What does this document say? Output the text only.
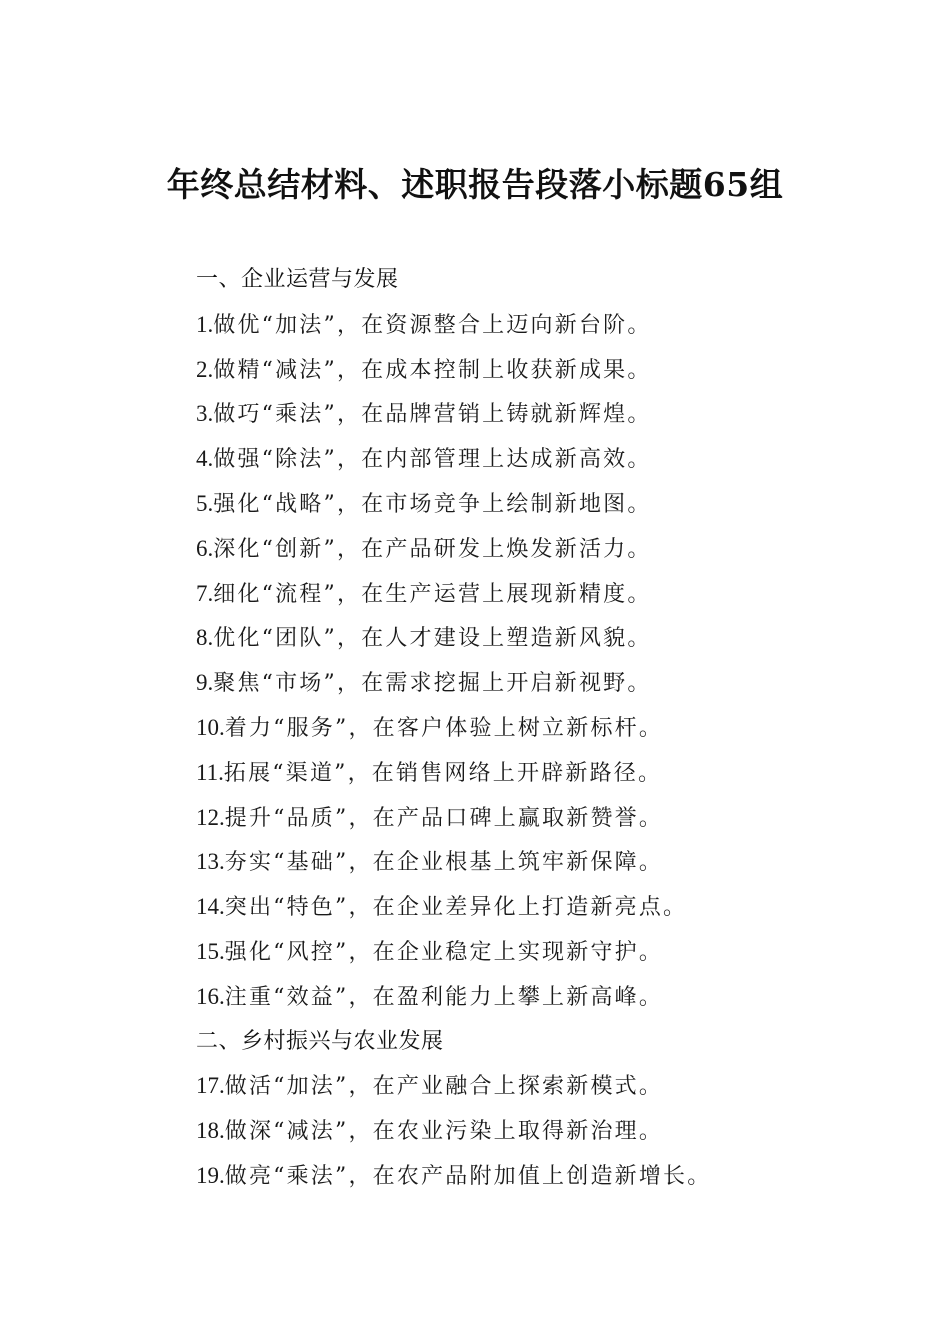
年终总结材料、述职报告段落小标题65组

一、企业运营与发展

1.做优“加法”，在资源整合上迈向新台阶。

2.做精“减法”，在成本控制上收获新成果。

3.做巧“乘法”，在品牌营销上铸就新辉煌。

4.做强“除法”，在内部管理上达成新高效。

5.强化“战略”，在市场竞争上绘制新地图。

6.深化“创新”，在产品研发上焕发新活力。

7.细化“流程”，在生产运营上展现新精度。

8.优化“团队”，在人才建设上塑造新风貌。

9.聚焦“市场”，在需求挖掘上开启新视野。

10.着力“服务”，在客户体验上树立新标杆。

11.拓展“渠道”，在销售网络上开辟新路径。

12.提升“品质”，在产品口碑上赢取新赞誉。

13.夯实“基础”，在企业根基上筑牢新保障。

14.突出“特色”，在企业差异化上打造新亮点。

15.强化“风控”，在企业稳定上实现新守护。

16.注重“效益”，在盈利能力上攀上新高峰。

二、乡村振兴与农业发展

17.做活“加法”，在产业融合上探索新模式。

18.做深“减法”，在农业污染上取得新治理。

19.做亮“乘法”，在农产品附加值上创造新增长。
